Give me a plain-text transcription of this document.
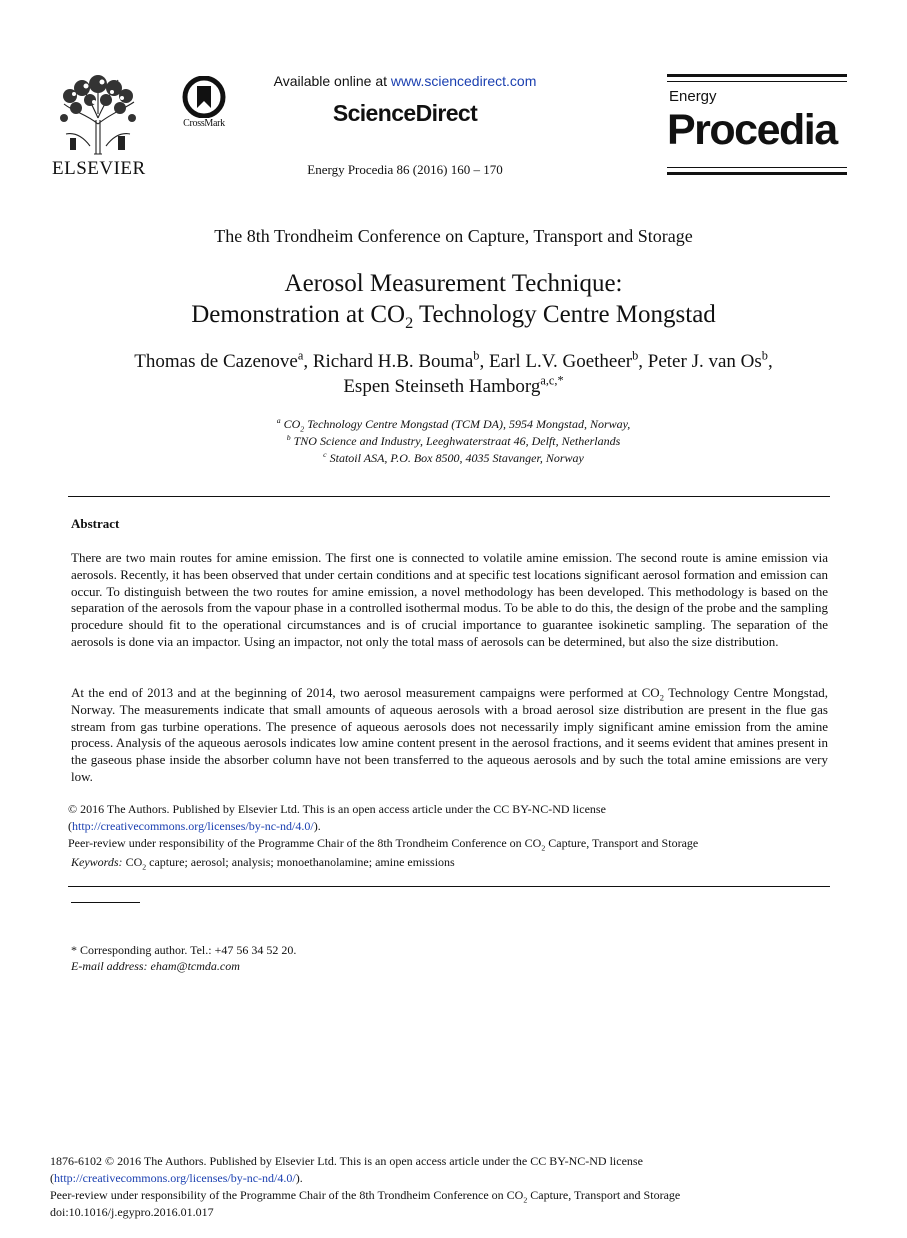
ELSEVIER
CrossMark
Available online at www.sciencedirect.com
ScienceDirect
Energy Procedia 86 (2016) 160 – 170
Energy
Procedia
The 8th Trondheim Conference on Capture, Transport and Storage
Aerosol Measurement Technique:
Demonstration at $CO_2$ Technology Centre Mongstad
Thomas de Cazenove$^a$, Richard H.B. Bouma$^b$, Earl L.V. Goetheer$^b$, Peter J. van Os$^b$,
Espen Steinseth Hamborg$^{a,c,*}$
$^a$ $CO_2$ Technology Centre Mongstad (TCM DA), 5954 Mongstad, Norway,
$^b$ TNO Science and Industry, Leeghwaterstraat 46, Delft, Netherlands
$^c$ Statoil ASA, P.O. Box 8500, 4035 Stavanger, Norway
Abstract
There are two main routes for amine emission. The first one is connected to volatile amine emission. The second route is amine emission via aerosols. Recently, it has been observed that under certain conditions and at specific test locations significant aerosol formation and emission can occur. To distinguish between the two routes for amine emission, a novel methodology has been developed. This methodology is based on the separation of the aerosols from the vapour phase in a controlled isothermal modus. To be able to do this, the design of the probe and the sampling procedure should fit to the operational circumstances and is of crucial importance to guarantee isokinetic sampling. The separation of the aerosols is done via an impactor. Using an impactor, not only the total mass of aerosols can be determined, but also the size distribution.
At the end of 2013 and at the beginning of 2014, two aerosol measurement campaigns were performed at $CO_2$ Technology Centre Mongstad, Norway. The measurements indicate that small amounts of aqueous aerosols with a broad aerosol size distribution are present in the flue gas stream from gas turbine operations. The presence of aqueous aerosols does not necessarily imply significant amine emission from the amine process. Analysis of the aqueous aerosols indicates low amine content present in the aerosol fractions, and it seems evident that amines present in the gaseous phase inside the absorber column have not been transferred to the aqueous aerosols and by such the total amine emissions are very low.
© 2016 The Authors. Published by Elsevier Ltd. This is an open access article under the CC BY-NC-ND license
(http://creativecommons.org/licenses/by-nc-nd/4.0/).
Peer-review under responsibility of the Programme Chair of the 8th Trondheim Conference on $CO_2$ Capture, Transport and Storage
Keywords: $CO_2$ capture; aerosol; analysis; monoethanolamine; amine emissions
* Corresponding author. Tel.: +47 56 34 52 20.
E-mail address: eham@tcmda.com
1876-6102 © 2016 The Authors. Published by Elsevier Ltd. This is an open access article under the CC BY-NC-ND license
(http://creativecommons.org/licenses/by-nc-nd/4.0/).
Peer-review under responsibility of the Programme Chair of the 8th Trondheim Conference on $CO_2$ Capture, Transport and Storage
doi:10.1016/j.egypro.2016.01.017
